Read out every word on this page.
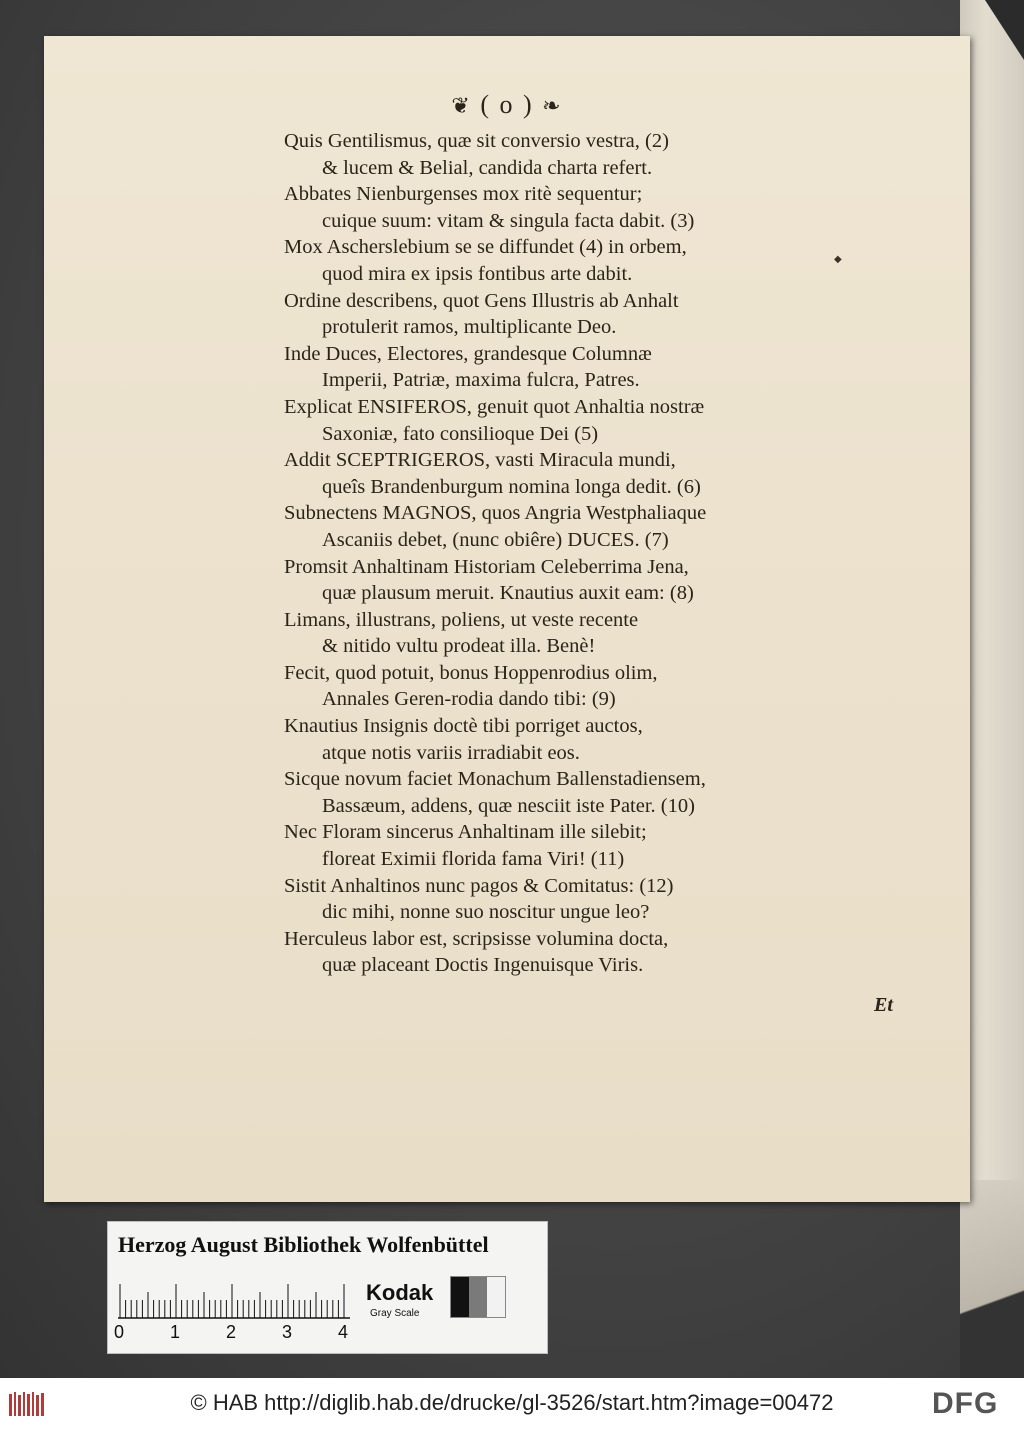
❦ ( o ) ❧
Quis Gentilismus, quæ sit conversio vestra, (2)
& lucem & Belial, candida charta refert.
Abbates Nienburgenses mox ritè sequentur;
cuique suum: vitam & singula facta dabit. (3)
Mox Ascherslebium se se diffundet (4) in orbem,
quod mira ex ipsis fontibus arte dabit.
Ordine describens, quot Gens Illustris ab Anhalt
protulerit ramos, multiplicante Deo.
Inde Duces, Electores, grandesque Columnæ
Imperii, Patriæ, maxima fulcra, Patres.
Explicat ENSIFEROS, genuit quot Anhaltia nostræ
Saxoniæ, fato consilioque Dei (5)
Addit SCEPTRIGEROS, vasti Miracula mundi,
queîs Brandenburgum nomina longa dedit. (6)
Subnectens MAGNOS, quos Angria Westphaliaque
Ascaniis debet, (nunc obiêre) DUCES. (7)
Promsit Anhaltinam Historiam Celeberrima Jena,
quæ plausum meruit. Knautius auxit eam: (8)
Limans, illustrans, poliens, ut veste recente
& nitido vultu prodeat illa. Benè!
Fecit, quod potuit, bonus Hoppenrodius olim,
Annales Geren-rodia dando tibi: (9)
Knautius Insignis doctè tibi porriget auctos,
atque notis variis irradiabit eos.
Sicque novum faciet Monachum Ballenstadiensem,
Bassæum, addens, quæ nesciit iste Pater. (10)
Nec Floram sincerus Anhaltinam ille silebit;
floreat Eximii florida fama Viri! (11)
Sistit Anhaltinos nunc pagos & Comitatus: (12)
dic mihi, nonne suo noscitur ungue leo?
Herculeus labor est, scripsisse volumina docta,
quæ placeant Doctis Ingenuisque Viris.
◆
Et
Herzog August Bibliothek Wolfenbüttel
0	1	2	3	4
Kodak
Gray Scale
© HAB http://diglib.hab.de/drucke/gl-3526/start.htm?image=00472	DFG
